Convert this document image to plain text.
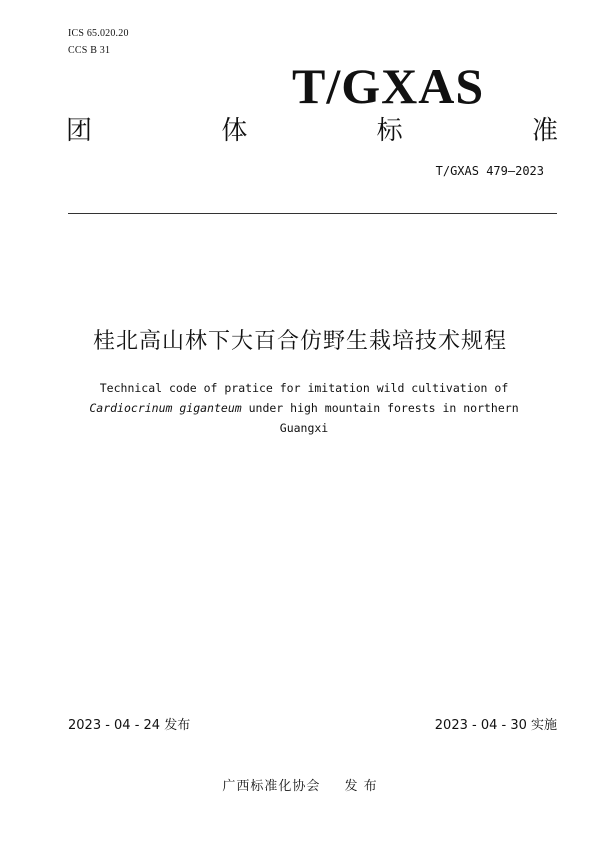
ICS 65.020.20
CCS B 31
T/GXAS
团	体	标	准
T/GXAS 479—2023
桂北高山林下大百合仿野生栽培技术规程
Technical code of pratice for imitation wild cultivation of Cardiocrinum giganteum under high mountain forests in northern Guangxi
2023 - 04 - 24 发布	2023 - 04 - 30 实施
广西标准化协会 发 布
